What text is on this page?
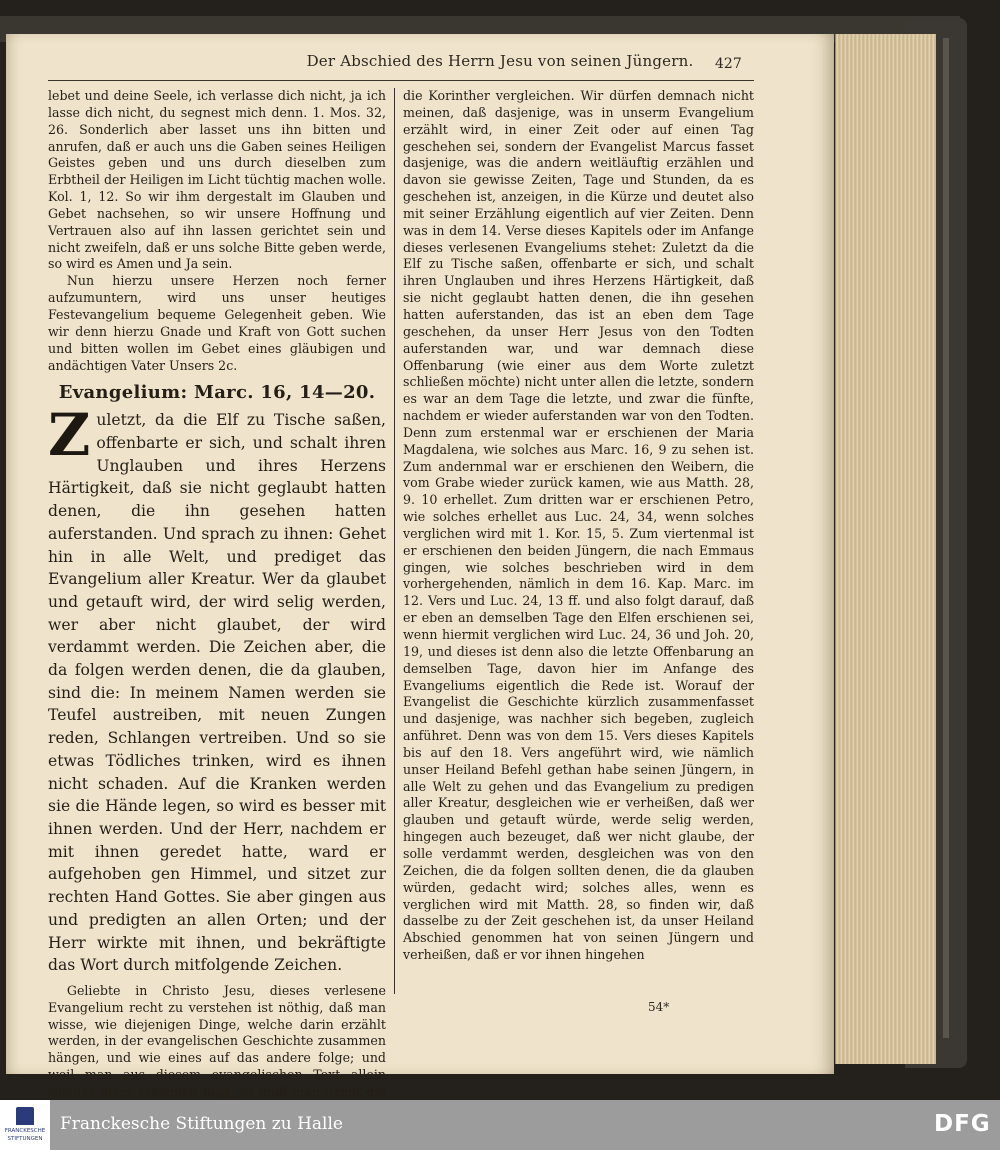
Der Abschied des Herrn Jesu von seinen Jüngern.	427

lebet und deine Seele, ich verlasse dich nicht, ja ich lasse dich nicht, du segnest mich denn. 1. Mos. 32, 26. Sonderlich aber lasset uns ihn bitten und anrufen, daß er auch uns die Gaben seines Heiligen Geistes geben und uns durch dieselben zum Erbtheil der Heiligen im Licht tüchtig machen wolle. Kol. 1, 12. So wir ihm dergestalt im Glauben und Gebet nachsehen, so wir unsere Hoffnung und Vertrauen also auf ihn lassen gerichtet sein und nicht zweifeln, daß er uns solche Bitte geben werde, so wird es Amen und Ja sein.

Nun hierzu unsere Herzen noch ferner aufzumuntern, wird uns unser heutiges Festevangelium bequeme Gelegenheit geben. Wie wir denn hierzu Gnade und Kraft von Gott suchen und bitten wollen im Gebet eines gläubigen und andächtigen Vater Unsers 2c.

Evangelium: Marc. 16, 14—20.

Zuletzt, da die Elf zu Tische saßen, offenbarte er sich, und schalt ihren Unglauben und ihres Herzens Härtigkeit, daß sie nicht geglaubt hatten denen, die ihn gesehen hatten auferstanden. Und sprach zu ihnen: Gehet hin in alle Welt, und prediget das Evangelium aller Kreatur. Wer da glaubet und getauft wird, der wird selig werden, wer aber nicht glaubet, der wird verdammt werden. Die Zeichen aber, die da folgen werden denen, die da glauben, sind die: In meinem Namen werden sie Teufel austreiben, mit neuen Zungen reden, Schlangen vertreiben. Und so sie etwas Tödliches trinken, wird es ihnen nicht schaden. Auf die Kranken werden sie die Hände legen, so wird es besser mit ihnen werden. Und der Herr, nachdem er mit ihnen geredet hatte, ward er aufgehoben gen Himmel, und sitzet zur rechten Hand Gottes. Sie aber gingen aus und predigten an allen Orten; und der Herr wirkte mit ihnen, und bekräftigte das Wort durch mitfolgende Zeichen.

Geliebte in Christo Jesu, dieses verlesene Evangelium recht zu verstehen ist nöthig, daß man wisse, wie diejenigen Dinge, welche darin erzählt werden, in der evangelischen Geschichte zusammen hängen, und wie eines auf das andere folge; und weil man aus diesem evangelischen Text allein solches nicht erkennen mag, so muß man damit die

die Korinther vergleichen. Wir dürfen demnach nicht meinen, daß dasjenige, was in unserm Evangelium erzählt wird, in einer Zeit oder auf einen Tag geschehen sei, sondern der Evangelist Marcus fasset dasjenige, was die andern weitläuftig erzählen und davon sie gewisse Zeiten, Tage und Stunden, da es geschehen ist, anzeigen, in die Kürze und deutet also mit seiner Erzählung eigentlich auf vier Zeiten. Denn was in dem 14. Verse dieses Kapitels oder im Anfange dieses verlesenen Evangeliums stehet: Zuletzt da die Elf zu Tische saßen, offenbarte er sich, und schalt ihren Unglauben und ihres Herzens Härtigkeit, daß sie nicht geglaubt hatten denen, die ihn gesehen hatten auferstanden, das ist an eben dem Tage geschehen, da unser Herr Jesus von den Todten auferstanden war, und war demnach diese Offenbarung (wie einer aus dem Worte zuletzt schließen möchte) nicht unter allen die letzte, sondern es war an dem Tage die letzte, und zwar die fünfte, nachdem er wieder auferstanden war von den Todten. Denn zum erstenmal war er erschienen der Maria Magdalena, wie solches aus Marc. 16, 9 zu sehen ist. Zum andernmal war er erschienen den Weibern, die vom Grabe wieder zurück kamen, wie aus Matth. 28, 9. 10 erhellet. Zum dritten war er erschienen Petro, wie solches erhellet aus Luc. 24, 34, wenn solches verglichen wird mit 1. Kor. 15, 5. Zum viertenmal ist er erschienen den beiden Jüngern, die nach Emmaus gingen, wie solches beschrieben wird in dem vorhergehenden, nämlich in dem 16. Kap. Marc. im 12. Vers und Luc. 24, 13 ff. und also folgt darauf, daß er eben an demselben Tage den Elfen erschienen sei, wenn hiermit verglichen wird Luc. 24, 36 und Joh. 20, 19, und dieses ist denn also die letzte Offenbarung an demselben Tage, davon hier im Anfange des Evangeliums eigentlich die Rede ist. Worauf der Evangelist die Geschichte kürzlich zusammenfasset und dasjenige, was nachher sich begeben, zugleich anführet. Denn was von dem 15. Vers dieses Kapitels bis auf den 18. Vers angeführt wird, wie nämlich unser Heiland Befehl gethan habe seinen Jüngern, in alle Welt zu gehen und das Evangelium zu predigen aller Kreatur, desgleichen wie er verheißen, daß wer glauben und getauft würde, werde selig werden, hingegen auch bezeuget, daß wer nicht glaube, der solle verdammt werden, desgleichen was von den Zeichen, die da folgen sollten denen, die da glauben würden, gedacht wird; solches alles, wenn es verglichen wird mit Matth. 28, so finden wir, daß dasselbe zu der Zeit geschehen ist, da unser Heiland Abschied genommen hat von seinen Jüngern und verheißen, daß er vor ihnen hingehen

54*
FRANCKESCHE
STIFTUNGEN
Franckesche Stiftungen zu Halle	DFG
